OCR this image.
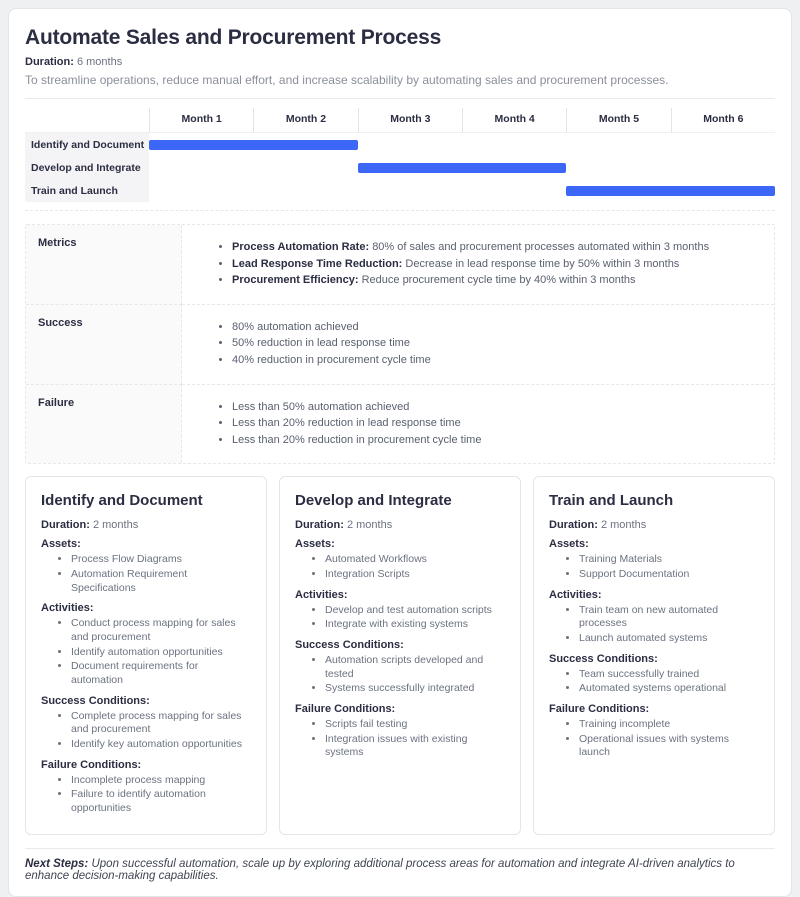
Automate Sales and Procurement Process

Duration: 6 months

To streamline operations, reduce manual effort, and increase scalability by automating sales and procurement processes.

Month 1	Month 2	Month 3	Month 4	Month 5	Month 6
Identify and Document
Develop and Integrate
Train and Launch
Metrics	• Process Automation Rate: 80% of sales and procurement processes automated within 3 months
• Lead Response Time Reduction: Decrease in lead response time by 50% within 3 months
• Procurement Efficiency: Reduce procurement cycle time by 40% within 3 months
Success	• 80% automation achieved
• 50% reduction in lead response time
• 40% reduction in procurement cycle time
Failure	• Less than 50% automation achieved
• Less than 20% reduction in lead response time
• Less than 20% reduction in procurement cycle time
Identify and Document

Duration: 2 months

Assets:
• Process Flow Diagrams
• Automation Requirement Specifications
Activities:
• Conduct process mapping for sales and procurement
• Identify automation opportunities
• Document requirements for automation
Success Conditions:
• Complete process mapping for sales and procurement
• Identify key automation opportunities
Failure Conditions:
• Incomplete process mapping
• Failure to identify automation opportunities
Develop and Integrate

Duration: 2 months

Assets:
• Automated Workflows
• Integration Scripts
Activities:
• Develop and test automation scripts
• Integrate with existing systems
Success Conditions:
• Automation scripts developed and tested
• Systems successfully integrated
Failure Conditions:
• Scripts fail testing
• Integration issues with existing systems
Train and Launch

Duration: 2 months

Assets:
• Training Materials
• Support Documentation
Activities:
• Train team on new automated processes
• Launch automated systems
Success Conditions:
• Team successfully trained
• Automated systems operational
Failure Conditions:
• Training incomplete
• Operational issues with systems launch

Next Steps: Upon successful automation, scale up by exploring additional process areas for automation and integrate AI-driven analytics to enhance decision-making capabilities.
